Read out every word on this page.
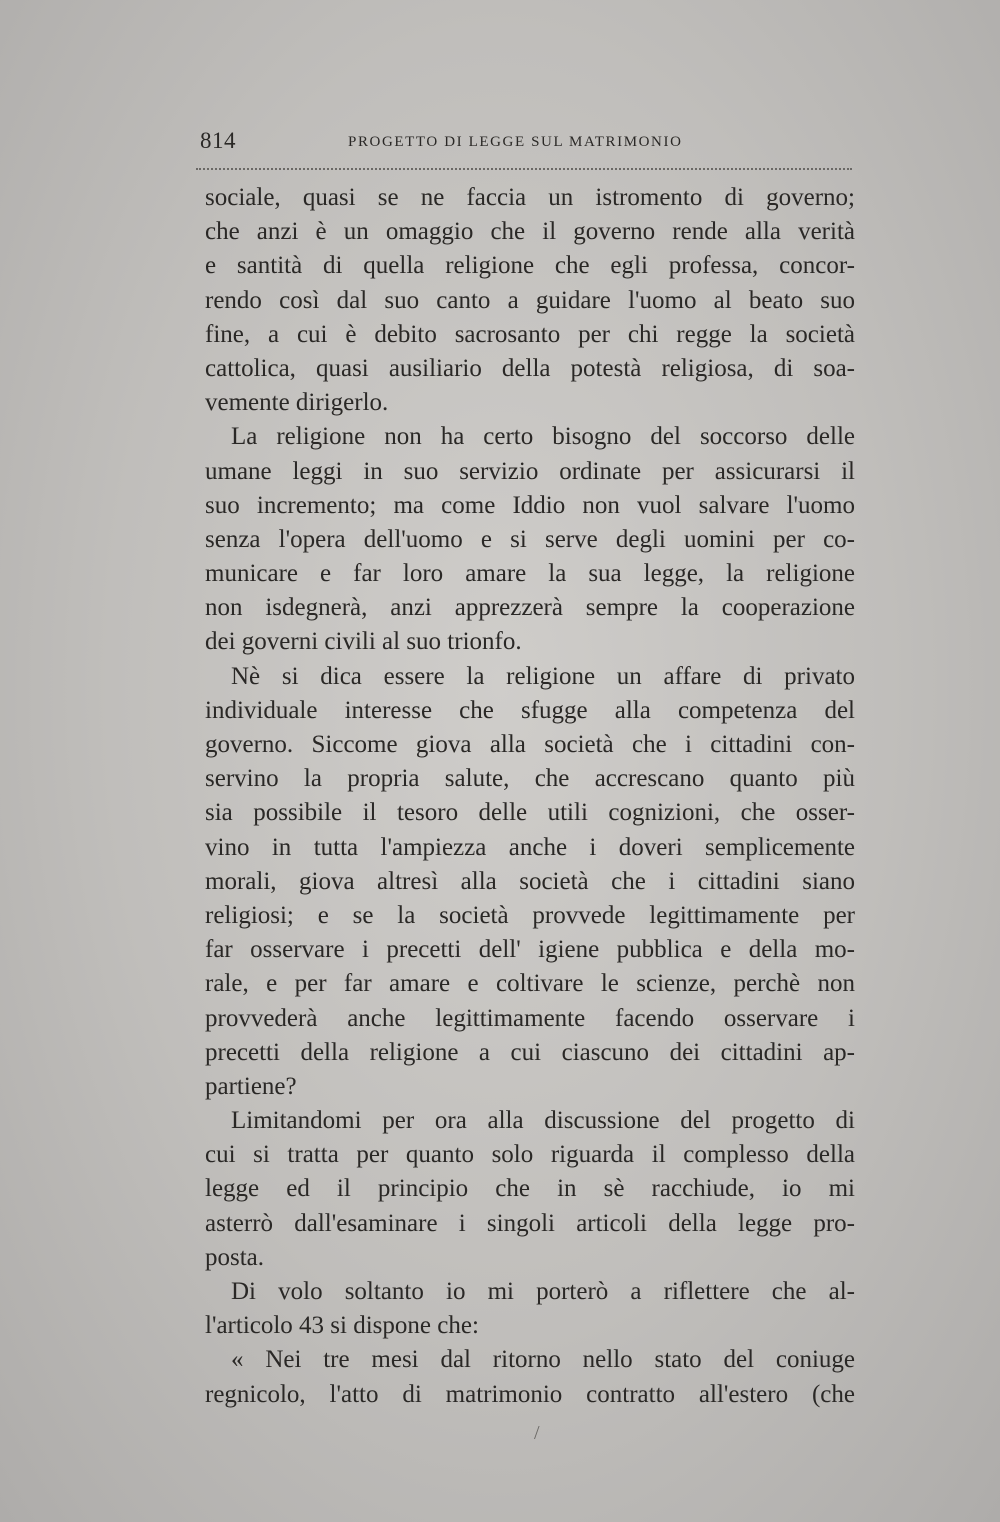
814	PROGETTO DI LEGGE SUL MATRIMONIO
sociale, quasi se ne faccia un istromento di governo;
che anzi è un omaggio che il governo rende alla verità
e santità di quella religione che egli professa, concor-
rendo così dal suo canto a guidare l'uomo al beato suo
fine, a cui è debito sacrosanto per chi regge la società
cattolica, quasi ausiliario della potestà religiosa, di soa-
vemente dirigerlo.
La religione non ha certo bisogno del soccorso delle
umane leggi in suo servizio ordinate per assicurarsi il
suo incremento; ma come Iddio non vuol salvare l'uomo
senza l'opera dell'uomo e si serve degli uomini per co-
municare e far loro amare la sua legge, la religione
non isdegnerà, anzi apprezzerà sempre la cooperazione
dei governi civili al suo trionfo.
Nè si dica essere la religione un affare di privato
individuale interesse che sfugge alla competenza del
governo. Siccome giova alla società che i cittadini con-
servino la propria salute, che accrescano quanto più
sia possibile il tesoro delle utili cognizioni, che osser-
vino in tutta l'ampiezza anche i doveri semplicemente
morali, giova altresì alla società che i cittadini siano
religiosi; e se la società provvede legittimamente per
far osservare i precetti dell' igiene pubblica e della mo-
rale, e per far amare e coltivare le scienze, perchè non
provvederà anche legittimamente facendo osservare i
precetti della religione a cui ciascuno dei cittadini ap-
partiene?
Limitandomi per ora alla discussione del progetto di
cui si tratta per quanto solo riguarda il complesso della
legge ed il principio che in sè racchiude, io mi
asterrò dall'esaminare i singoli articoli della legge pro-
posta.
Di volo soltanto io mi porterò a riflettere che al-
l'articolo 43 si dispone che:
« Nei tre mesi dal ritorno nello stato del coniuge
regnicolo, l'atto di matrimonio contratto all'estero (che
/
